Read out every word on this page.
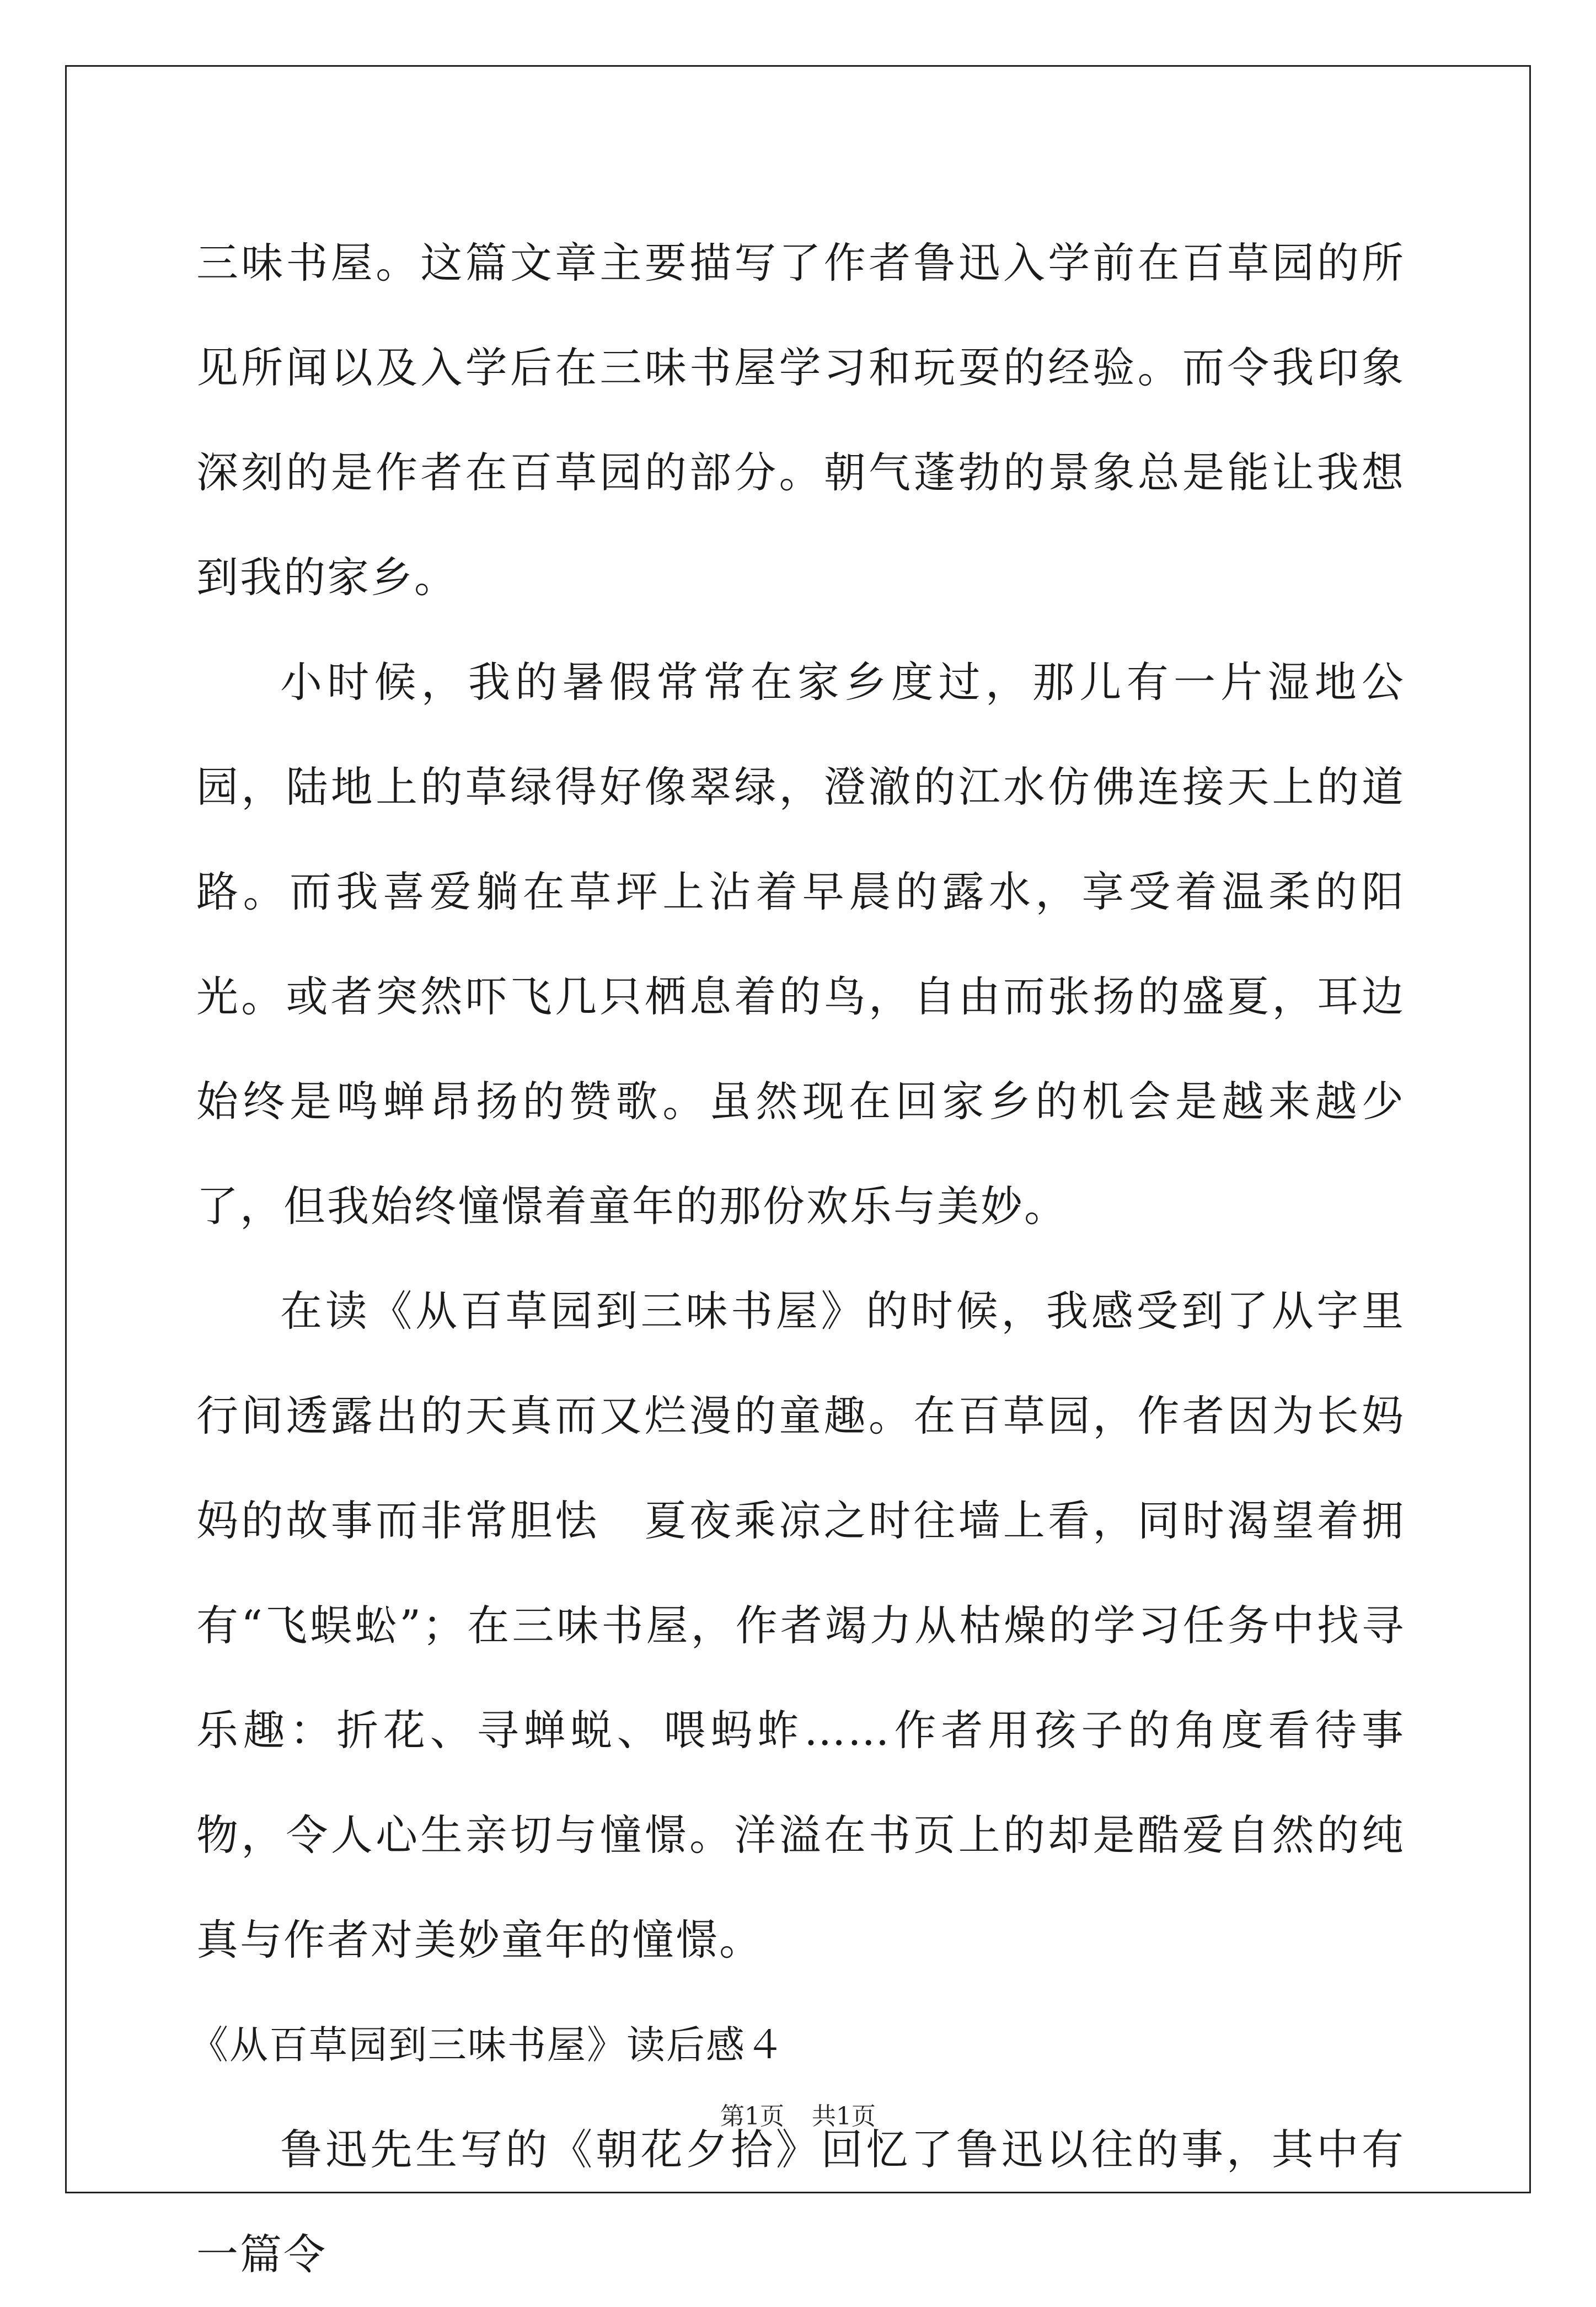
三味书屋。这篇文章主要描写了作者鲁迅入学前在百草园的所见所闻以及入学后在三味书屋学习和玩耍的经验。而令我印象深刻的是作者在百草园的部分。朝气蓬勃的景象总是能让我想到我的家乡。

小时候，我的暑假常常在家乡度过，那儿有一片湿地公园，陆地上的草绿得好像翠绿，澄澈的江水仿佛连接天上的道路。而我喜爱躺在草坪上沾着早晨的露水，享受着温柔的阳光。或者突然吓飞几只栖息着的鸟，自由而张扬的盛夏，耳边始终是鸣蝉昂扬的赞歌。虽然现在回家乡的机会是越来越少了，但我始终憧憬着童年的那份欢乐与美妙。

在读《从百草园到三味书屋》的时候，我感受到了从字里行间透露出的天真而又烂漫的童趣。在百草园，作者因为长妈妈的故事而非常胆怯　夏夜乘凉之时往墙上看，同时渴望着拥有“飞蜈蚣”；在三味书屋，作者竭力从枯燥的学习任务中找寻乐趣：折花、寻蝉蜕、喂蚂蚱……作者用孩子的角度看待事物，令人心生亲切与憧憬。洋溢在书页上的却是酷爱自然的纯真与作者对美妙童年的憧憬。

《从百草园到三味书屋》读后感４

鲁迅先生写的《朝花夕拾》回忆了鲁迅以往的事，其中有一篇令

第1页 共1页
